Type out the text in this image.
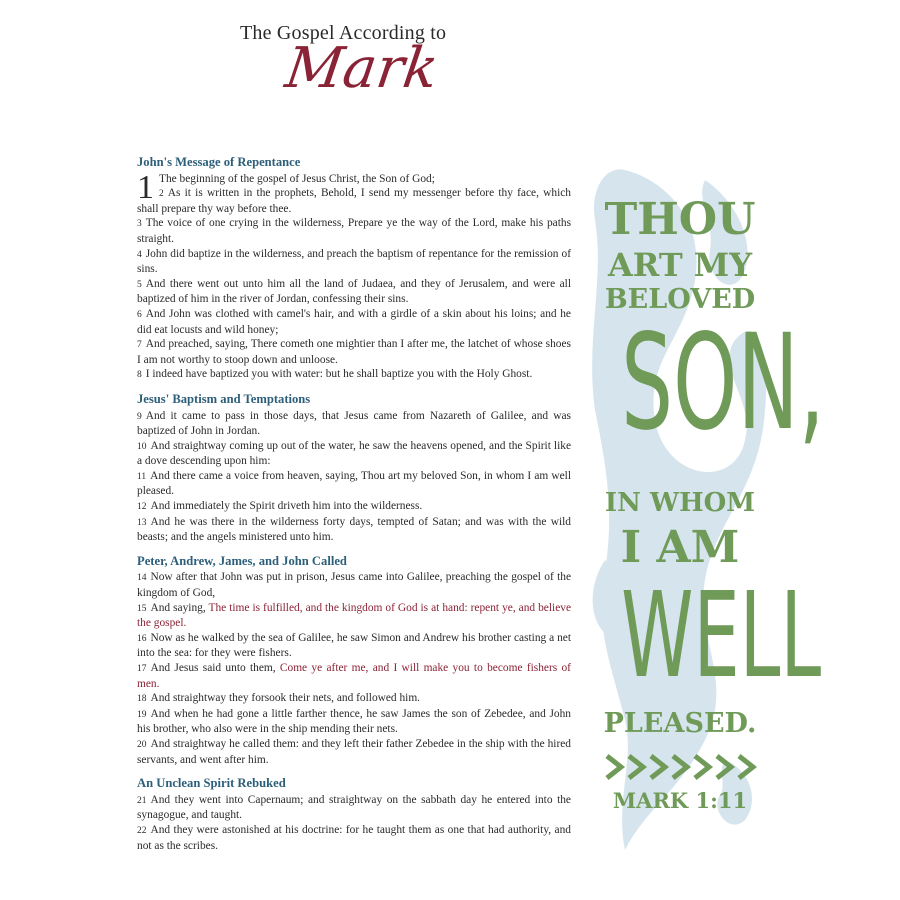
The Gospel According to
Mark
John's Message of Repentance

1 The beginning of the gospel of Jesus Christ, the Son of God;

2 As it is written in the prophets, Behold, I send my messenger before thy face, which shall prepare thy way before thee.

3 The voice of one crying in the wilderness, Prepare ye the way of the Lord, make his paths straight.

4 John did baptize in the wilderness, and preach the baptism of repentance for the remission of sins.

5 And there went out unto him all the land of Judaea, and they of Jerusalem, and were all baptized of him in the river of Jordan, confessing their sins.

6 And John was clothed with camel's hair, and with a girdle of a skin about his loins; and he did eat locusts and wild honey;

7 And preached, saying, There cometh one mightier than I after me, the latchet of whose shoes I am not worthy to stoop down and unloose.

8 I indeed have baptized you with water: but he shall baptize you with the Holy Ghost.

Jesus' Baptism and Temptations

9 And it came to pass in those days, that Jesus came from Nazareth of Galilee, and was baptized of John in Jordan.

10 And straightway coming up out of the water, he saw the heavens opened, and the Spirit like a dove descending upon him:

11 And there came a voice from heaven, saying, Thou art my beloved Son, in whom I am well pleased.

12 And immediately the Spirit driveth him into the wilderness.

13 And he was there in the wilderness forty days, tempted of Satan; and was with the wild beasts; and the angels ministered unto him.

Peter, Andrew, James, and John Called

14 Now after that John was put in prison, Jesus came into Galilee, preaching the gospel of the kingdom of God,

15 And saying, The time is fulfilled, and the kingdom of God is at hand: repent ye, and believe the gospel.

16 Now as he walked by the sea of Galilee, he saw Simon and Andrew his brother casting a net into the sea: for they were fishers.

17 And Jesus said unto them, Come ye after me, and I will make you to become fishers of men.

18 And straightway they forsook their nets, and followed him.

19 And when he had gone a little farther thence, he saw James the son of Zebedee, and John his brother, who also were in the ship mending their nets.

20 And straightway he called them: and they left their father Zebedee in the ship with the hired servants, and went after him.

An Unclean Spirit Rebuked

21 And they went into Capernaum; and straightway on the sabbath day he entered into the synagogue, and taught.

22 And they were astonished at his doctrine: for he taught them as one that had authority, and not as the scribes.

THOU
ART MY
BELOVED
SON,
IN WHOM
I AM
WELL
PLEASED.
MARK 1:11
